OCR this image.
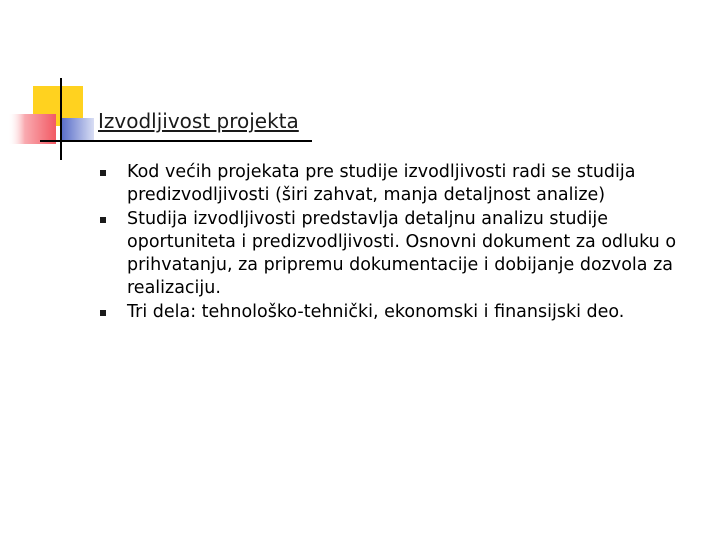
Izvodljivost projekta
Kod većih projekata pre studije izvodljivosti radi se studija predizvodljivosti (širi zahvat, manja detaljnost analize)
Studija izvodljivosti predstavlja detaljnu analizu studije oportuniteta i predizvodljivosti. Osnovni dokument za odluku o prihvatanju, za pripremu dokumentacije i dobijanje dozvola za realizaciju.
Tri dela: tehnološko-tehnički, ekonomski i finansijski deo.
